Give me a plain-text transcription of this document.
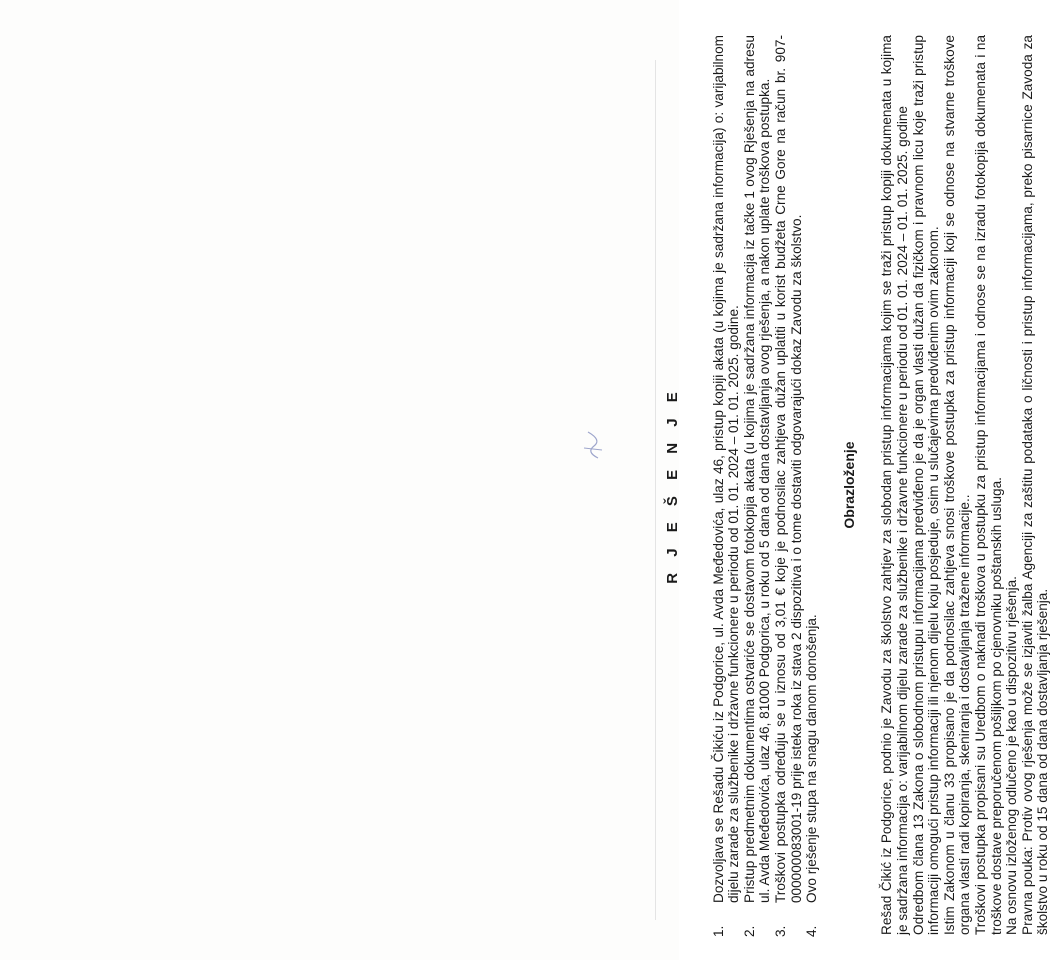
R J E Š E N J E
1.
Dozvoljava se Rešadu Čikiću iz Podgorice, ul. Avda Međedovića, ulaz 46, pristup kopiji akata (u kojima je sadržana informacija) o: varijabilnom dijelu zarade za službenike i državne funkcionere u periodu od 01. 01. 2024 – 01. 01. 2025. godine.
2.
Pristup predmetnim dokumentima ostvariće se dostavom fotokopija akata (u kojima je sadržana informacija iz tačke 1 ovog Rješenja na adresu ul. Avda Međedovića, ulaz 46, 81000 Podgorica, u roku od 5 dana od dana dostavljanja ovog rješenja, a nakon uplate troškova postupka.
3.
Troškovi postupka određuju se u iznosu od 3,01 € koje je podnosilac zahtjeva dužan uplatiti u korist budžeta Crne Gore na račun br. 907-000000083001-19 prije isteka roka iz stava 2 dispozitiva i o tome dostaviti odgovarajući dokaz Zavodu za školstvo.
4.
Ovo rješenje stupa na snagu danom donošenja.
Obrazloženje Rešad Čikić iz Podgorice, podnio je Zavodu za školstvo zahtjev za slobodan pristup informacijama kojim se traži pristup kopiji dokumenata u kojima je sadržana informacija o: varijabilnom dijelu zarade za službenike i državne funkcionere u periodu od 01. 01. 2024 – 01. 01. 2025. godine Odredbom člana 13 Zakona o slobodnom pristupu informacijama predviđeno je da je organ vlasti dužan da fizičkom i pravnom licu koje traži pristup informaciji omogući pristup informaciji ili njenom dijelu koju posjeduje, osim u slučajevima predviđenim ovim zakonom. Istim Zakonom u članu 33 propisano je da podnosilac zahtjeva snosi troškove postupka za pristup informaciji koji se odnose na stvarne troškove organa vlasti radi kopiranja, skeniranja i dostavljanja tražene informacije.. Troškovi postupka propisani su Uredbom o naknadi troškova u postupku za pristup informacijama i odnose se na izradu fotokopija dokumenata i na troškove dostave preporučenom pošiljkom po cjenovniku poštanskih usluga. Na osnovu izloženog odlučeno je kao u dispozitivu rješenja. Pravna pouka: Protiv ovog rješenja može se izjaviti žalba Agenciji za zaštitu podataka o ličnosti i pristup informacijama, preko pisarnice Zavoda za školstvo u roku od 15 dana od dana dostavljanja rješenja.
